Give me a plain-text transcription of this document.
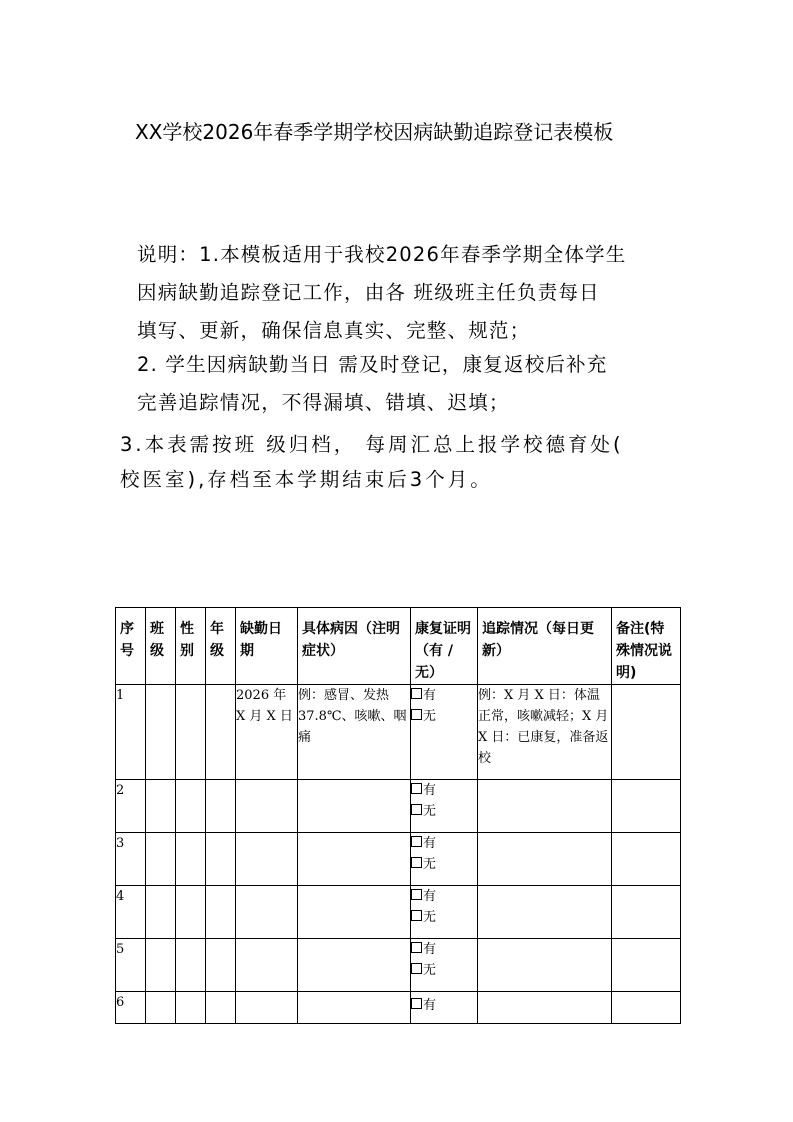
XX学校2026年春季学期学校因病缺勤追踪登记表模板
说明：1.本模板适用于我校2026年春季学期全体学生
因病缺勤追踪登记工作，由各 班级班主任负责每日
填写、更新，确保信息真实、完整、规范；
2. 学生因病缺勤当日 需及时登记，康复返校后补充
完善追踪情况，不得漏填、错填、迟填；
3.本表需按班 级归档， 每周汇总上报学校德育处(
校医室),存档至本学期结束后3个月。
序号	班级	性别	年级	缺勤日期	具体病因（注明症状）	康复证明（有 / 无）	追踪情况（每日更新）	备注(特殊情况说明)
1				2026 年 X 月 X 日	例：感冒、发热 37.8℃、咳嗽、咽痛	有
无	例：X 月 X 日：体温正常，咳嗽减轻；X 月 X 日：已康复，准备返校	
2						有
无		

3						有
无		

4						有
无		

5						有
无		

6						有		
